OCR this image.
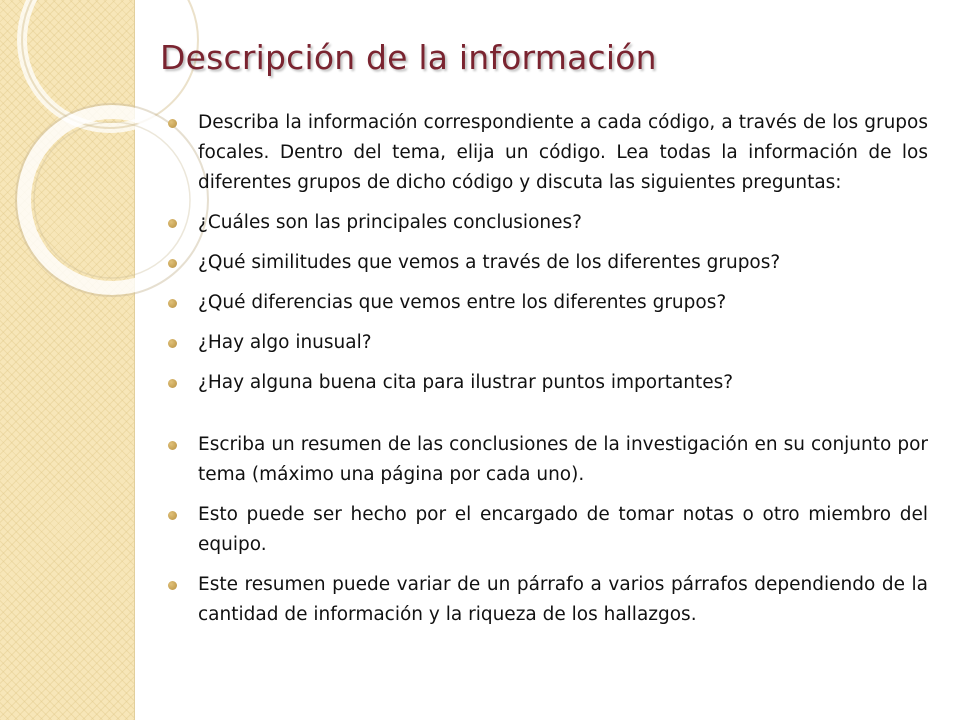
Descripción de la información
Describa la información correspondiente a cada código, a través de los grupos focales. Dentro del tema, elija un código. Lea todas la información de los diferentes grupos de dicho código y discuta las siguientes preguntas:
¿Cuáles son las principales conclusiones?
¿Qué similitudes que vemos a través de los diferentes grupos?
¿Qué diferencias que vemos entre los diferentes grupos?
¿Hay algo inusual?
¿Hay alguna buena cita para ilustrar puntos importantes?
Escriba un resumen de las conclusiones de la investigación en su conjunto por tema (máximo una página por cada uno).
Esto puede ser hecho por el encargado de tomar notas o otro miembro del equipo.
Este resumen puede variar de un párrafo a varios párrafos dependiendo de la cantidad de información y la riqueza de los hallazgos.
